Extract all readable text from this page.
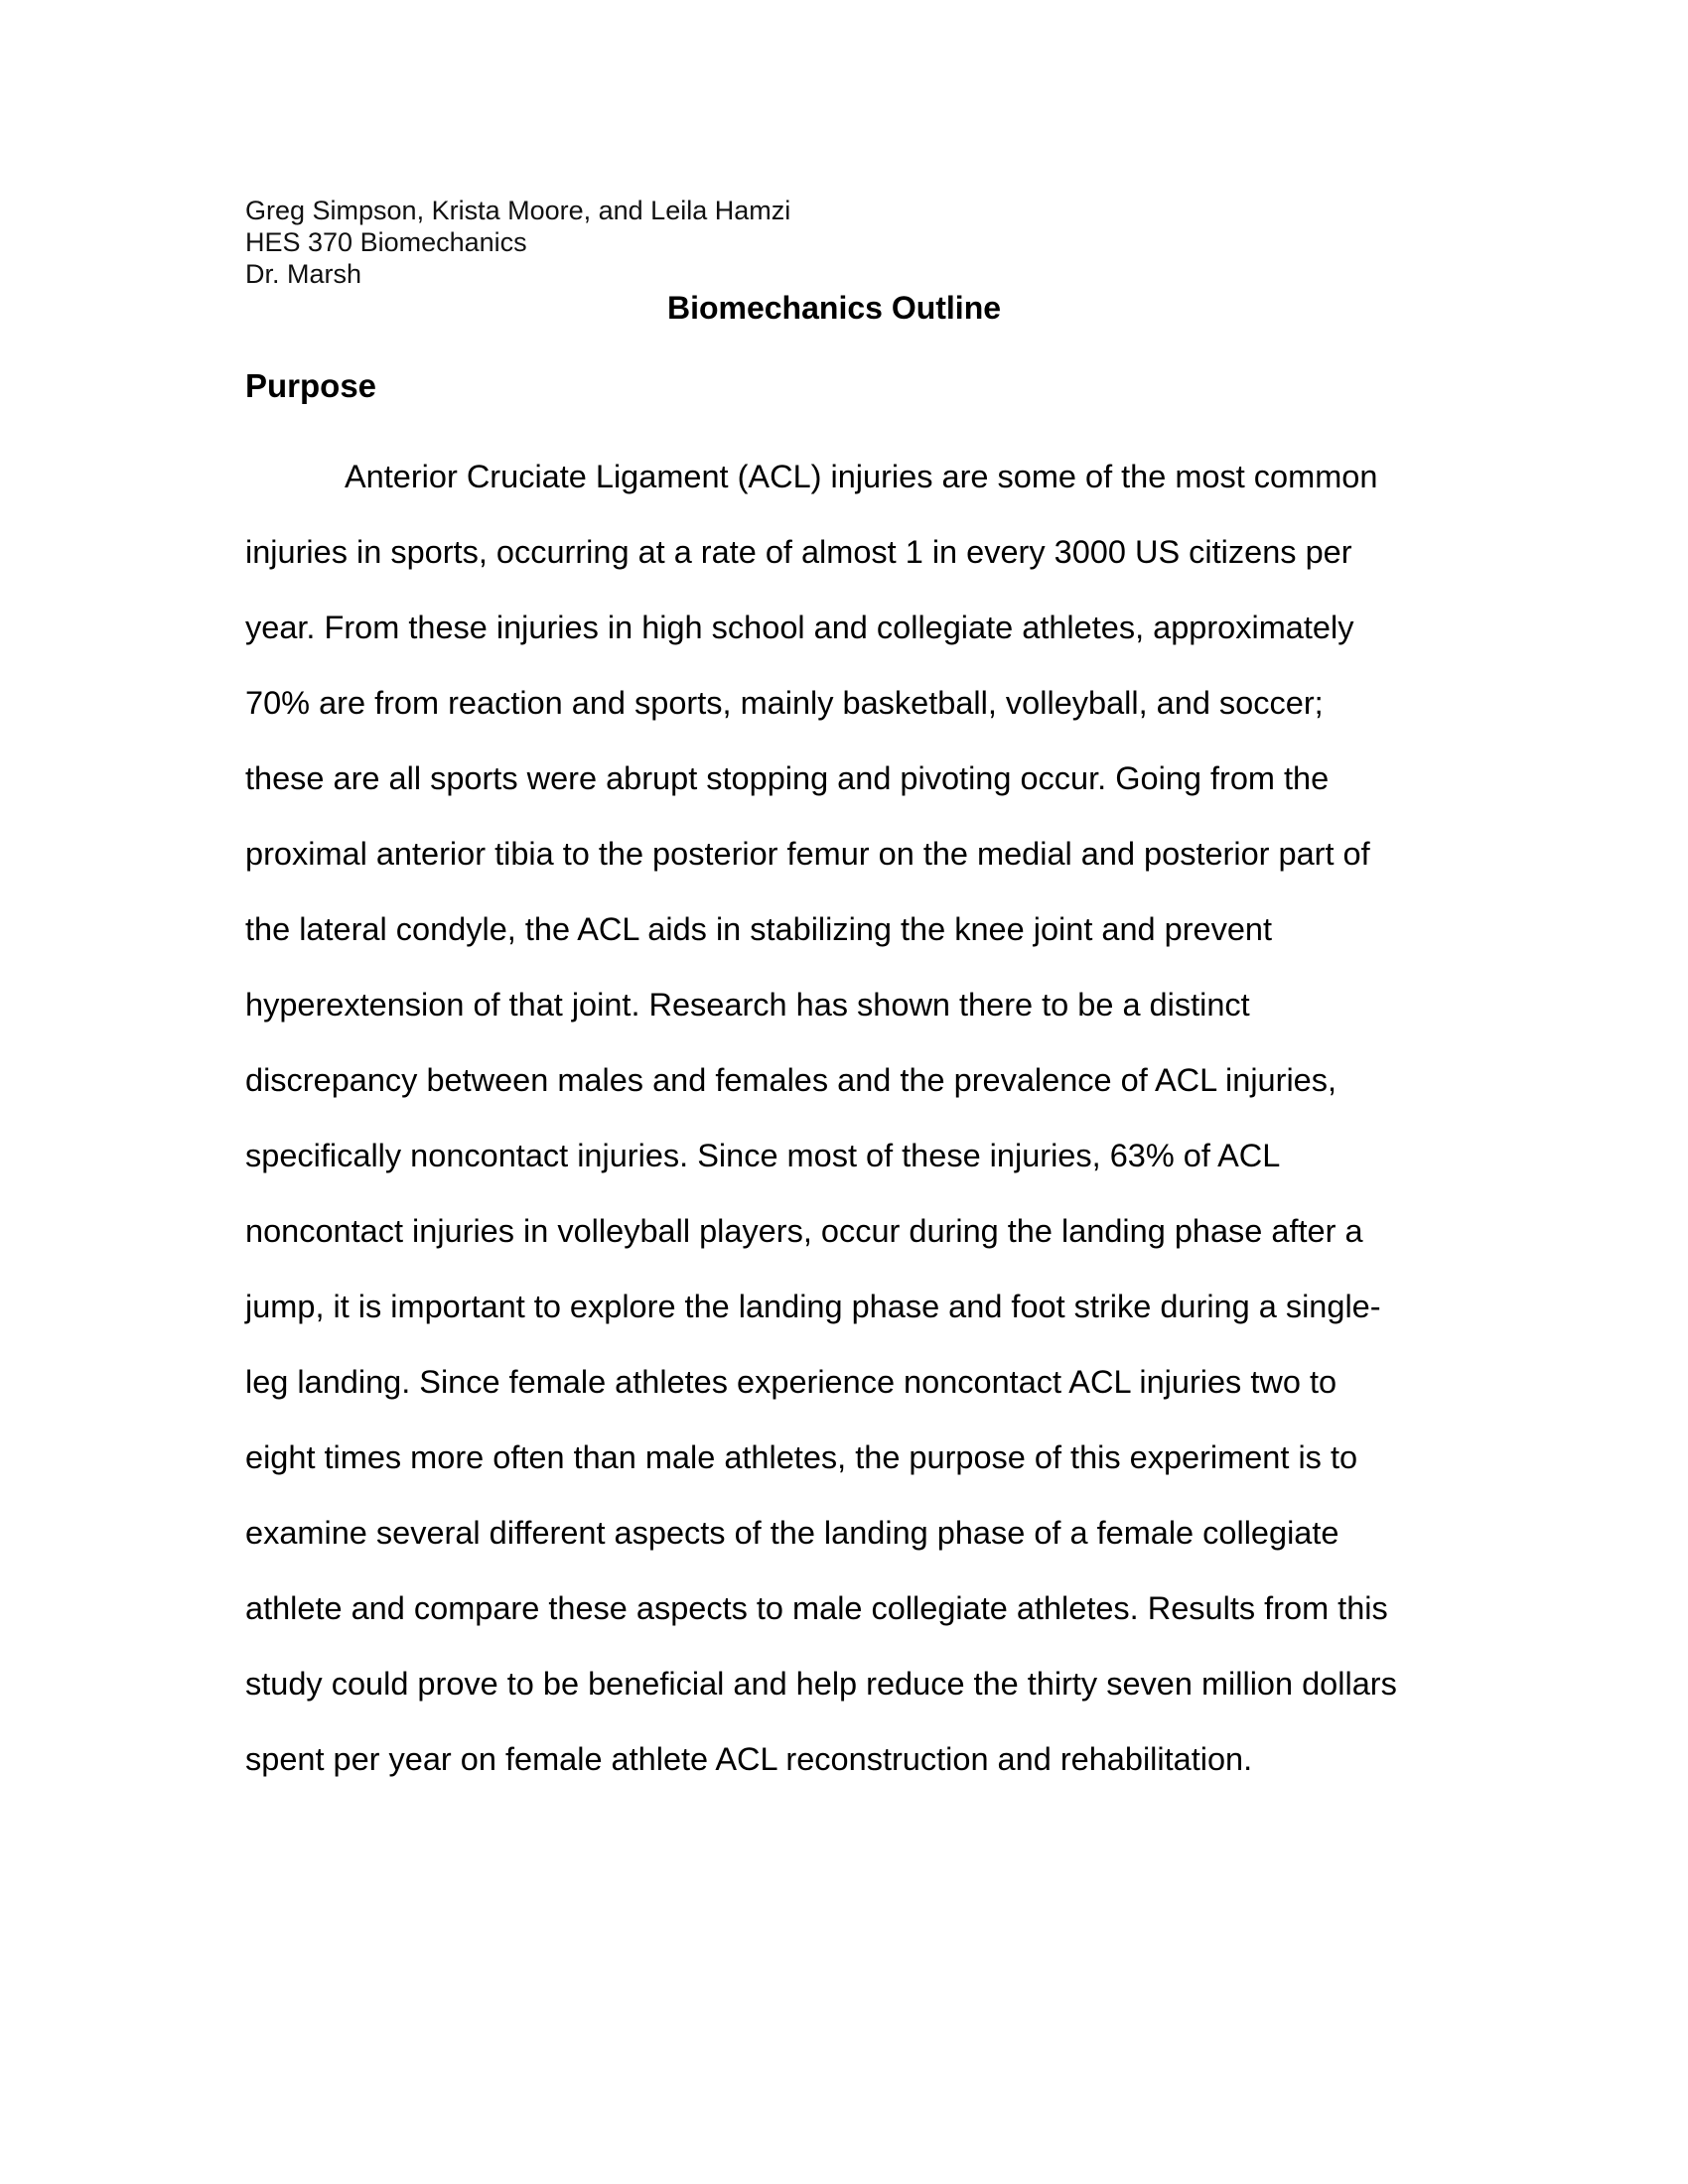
Greg Simpson, Krista Moore, and Leila Hamzi
HES 370 Biomechanics
Dr. Marsh
Biomechanics Outline
Purpose
Anterior Cruciate Ligament (ACL) injuries are some of the most common
injuries in sports, occurring at a rate of almost 1 in every 3000 US citizens per
year. From these injuries in high school and collegiate athletes, approximately
70% are from reaction and sports, mainly basketball, volleyball, and soccer;
these are all sports were abrupt stopping and pivoting occur. Going from the
proximal anterior tibia to the posterior femur on the medial and posterior part of
the lateral condyle, the ACL aids in stabilizing the knee joint and prevent
hyperextension of that joint. Research has shown there to be a distinct
discrepancy between males and females and the prevalence of ACL injuries,
specifically noncontact injuries. Since most of these injuries, 63% of ACL
noncontact injuries in volleyball players, occur during the landing phase after a
jump, it is important to explore the landing phase and foot strike during a single-
leg landing. Since female athletes experience noncontact ACL injuries two to
eight times more often than male athletes, the purpose of this experiment is to
examine several different aspects of the landing phase of a female collegiate
athlete and compare these aspects to male collegiate athletes. Results from this
study could prove to be beneficial and help reduce the thirty seven million dollars
spent per year on female athlete ACL reconstruction and rehabilitation.
